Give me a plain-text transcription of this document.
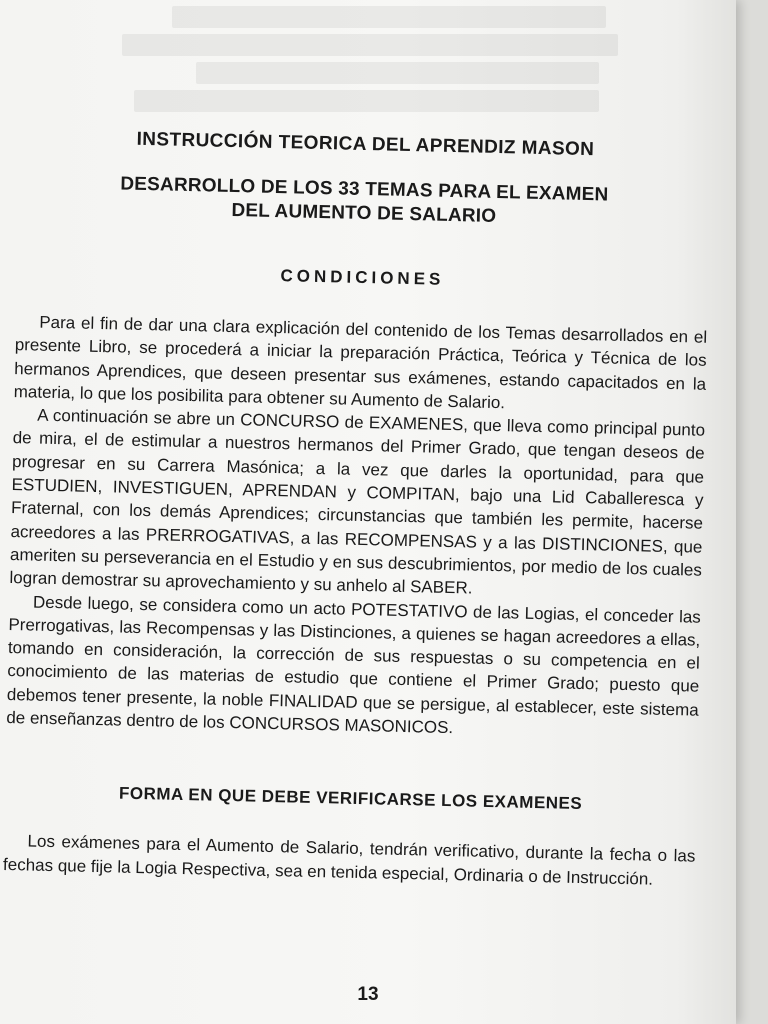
INSTRUCCIÓN TEORICA DEL APRENDIZ MASON
DESARROLLO DE LOS 33 TEMAS PARA EL EXAMEN
DEL AUMENTO DE SALARIO
CONDICIONES

Para el fin de dar una clara explicación del contenido de los Temas desarrollados en el presente Libro, se procederá a iniciar la preparación Práctica, Teórica y Técnica de los hermanos Aprendices, que deseen presentar sus exámenes, estando capacitados en la materia, lo que los posibilita para obtener su Aumento de Salario.

A continuación se abre un CONCURSO de EXAMENES, que lleva como principal punto de mira, el de estimular a nuestros hermanos del Primer Grado, que tengan deseos de progresar en su Carrera Masónica; a la vez que darles la oportunidad, para que ESTUDIEN, INVESTIGUEN, APRENDAN y COMPITAN, bajo una Lid Caballeresca y Fraternal, con los demás Aprendices; circunstancias que también les permite, hacerse acreedores a las PRERROGATIVAS, a las RECOMPENSAS y a las DISTINCIONES, que ameriten su perseverancia en el Estudio y en sus descubrimientos, por medio de los cuales logran demostrar su aprovechamiento y su anhelo al SABER.

Desde luego, se considera como un acto POTESTATIVO de las Logias, el conceder las Prerrogativas, las Recompensas y las Distinciones, a quienes se hagan acreedores a ellas, tomando en consideración, la corrección de sus respuestas o su competencia en el conocimiento de las materias de estudio que contiene el Primer Grado; puesto que debemos tener presente, la noble FINALIDAD que se persigue, al establecer, este sistema de enseñanzas dentro de los CONCURSOS MASONICOS.

FORMA EN QUE DEBE VERIFICARSE LOS EXAMENES

Los exámenes para el Aumento de Salario, tendrán verificativo, durante la fecha o las fechas que fije la Logia Respectiva, sea en tenida especial, Ordinaria o de Instrucción.

13
